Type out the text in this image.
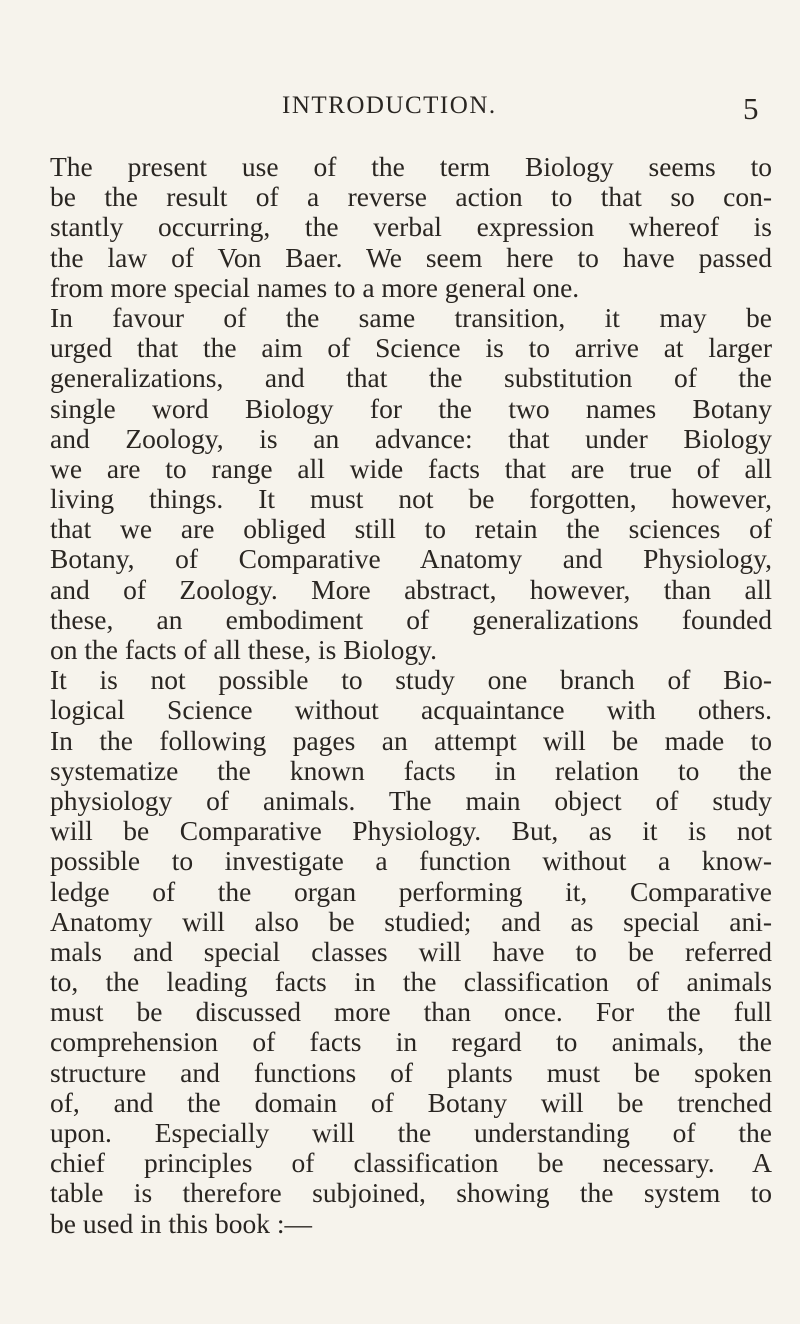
INTRODUCTION.	5
The present use of the term Biology seems to
be the result of a reverse action to that so con-
stantly occurring, the verbal expression whereof is
the law of Von Baer. We seem here to have passed
from more special names to a more general one.
In favour of the same transition, it may be
urged that the aim of Science is to arrive at larger
generalizations, and that the substitution of the
single word Biology for the two names Botany
and Zoology, is an advance: that under Biology
we are to range all wide facts that are true of all
living things. It must not be forgotten, however,
that we are obliged still to retain the sciences of
Botany, of Comparative Anatomy and Physiology,
and of Zoology. More abstract, however, than all
these, an embodiment of generalizations founded
on the facts of all these, is Biology.
It is not possible to study one branch of Bio-
logical Science without acquaintance with others.
In the following pages an attempt will be made to
systematize the known facts in relation to the
physiology of animals. The main object of study
will be Comparative Physiology. But, as it is not
possible to investigate a function without a know-
ledge of the organ performing it, Comparative
Anatomy will also be studied; and as special ani-
mals and special classes will have to be referred
to, the leading facts in the classification of animals
must be discussed more than once. For the full
comprehension of facts in regard to animals, the
structure and functions of plants must be spoken
of, and the domain of Botany will be trenched
upon. Especially will the understanding of the
chief principles of classification be necessary. A
table is therefore subjoined, showing the system to
be used in this book :—
